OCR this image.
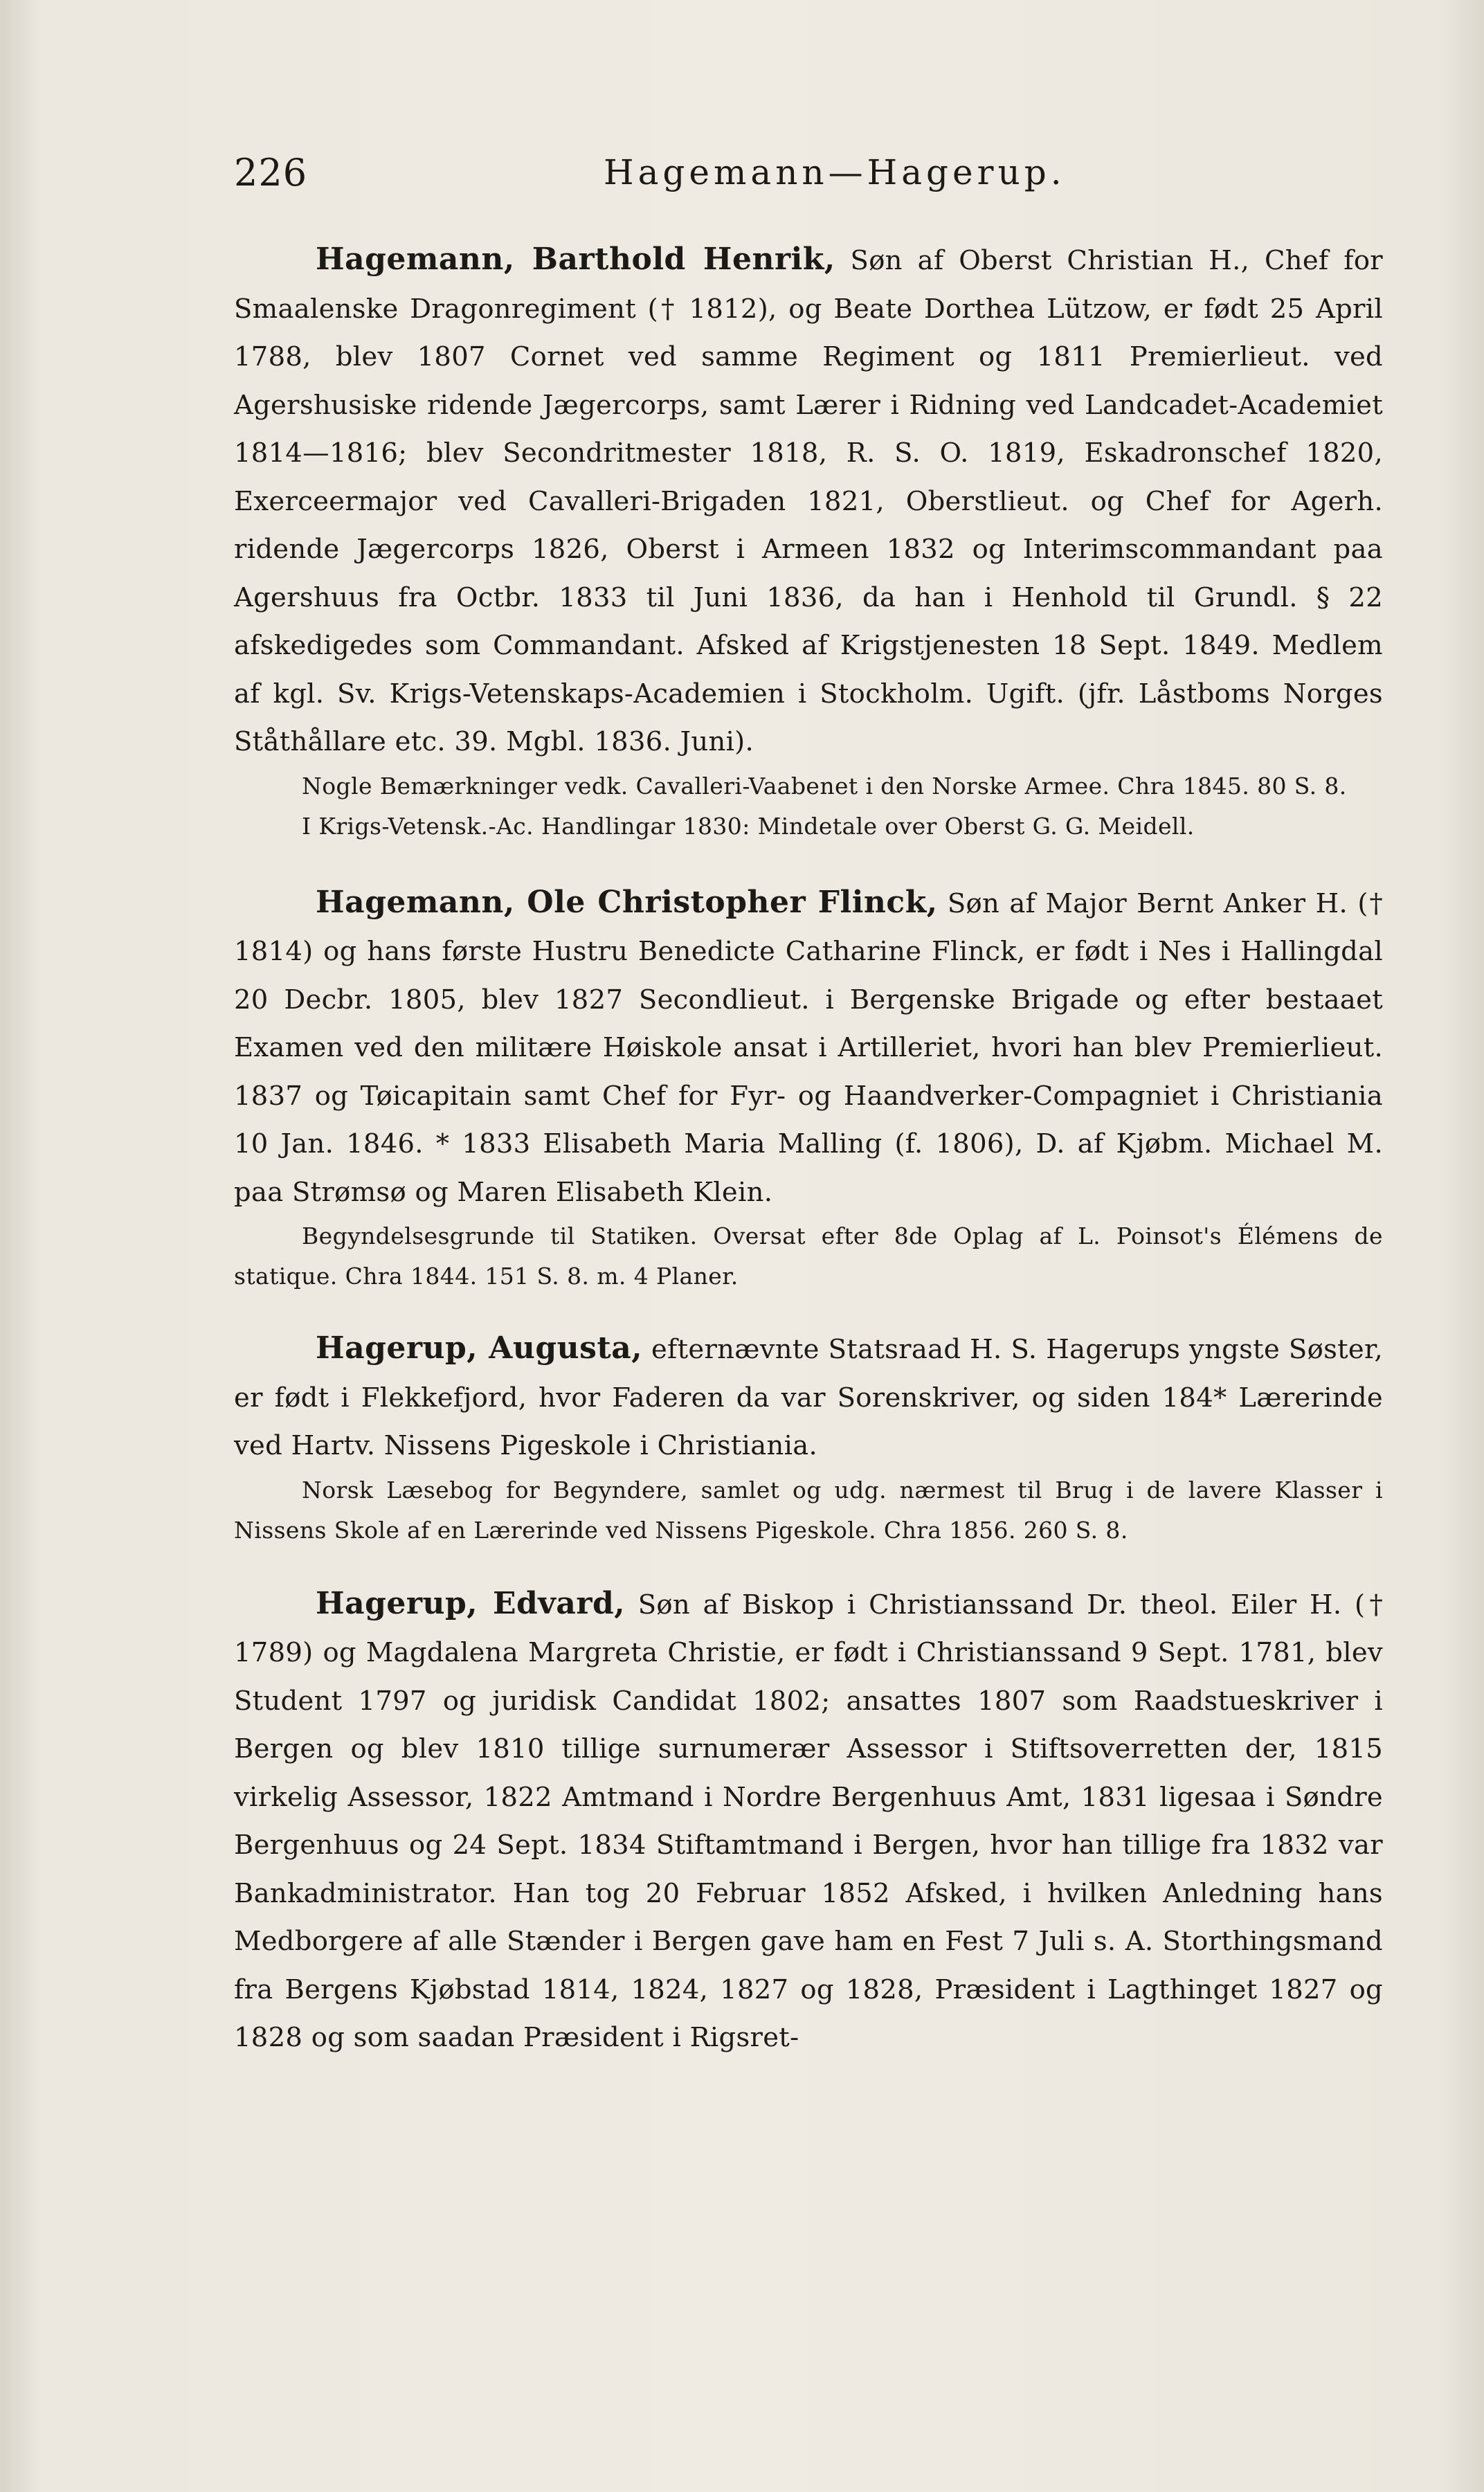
226	Hagemann—Hagerup.

Hagemann, Barthold Henrik, Søn af Oberst Christian H., Chef for Smaalenske Dragonregiment († 1812), og Beate Dorthea Lützow, er født 25 April 1788, blev 1807 Cornet ved samme Regiment og 1811 Premierlieut. ved Agershusiske ridende Jægercorps, samt Lærer i Ridning ved Landcadet-Academiet 1814—1816; blev Secondritmester 1818, R. S. O. 1819, Eskadronschef 1820, Exerceermajor ved Cavalleri-Brigaden 1821, Oberstlieut. og Chef for Agerh. ridende Jægercorps 1826, Oberst i Armeen 1832 og Interimscommandant paa Agershuus fra Octbr. 1833 til Juni 1836, da han i Henhold til Grundl. § 22 afskedigedes som Commandant. Afsked af Krigstjenesten 18 Sept. 1849. Medlem af kgl. Sv. Krigs-Vetenskaps-Academien i Stockholm. Ugift. (jfr. Låstboms Norges Ståthållare etc. 39. Mgbl. 1836. Juni).

Nogle Bemærkninger vedk. Cavalleri-Vaabenet i den Norske Armee. Chra 1845. 80 S. 8.

I Krigs-Vetensk.-Ac. Handlingar 1830: Mindetale over Oberst G. G. Meidell.

Hagemann, Ole Christopher Flinck, Søn af Major Bernt Anker H. († 1814) og hans første Hustru Benedicte Catharine Flinck, er født i Nes i Hallingdal 20 Decbr. 1805, blev 1827 Secondlieut. i Bergenske Brigade og efter bestaaet Examen ved den militære Høiskole ansat i Artilleriet, hvori han blev Premierlieut. 1837 og Tøicapitain samt Chef for Fyr- og Haandverker-Compagniet i Christiania 10 Jan. 1846. * 1833 Elisabeth Maria Malling (f. 1806), D. af Kjøbm. Michael M. paa Strømsø og Maren Elisabeth Klein.

Begyndelsesgrunde til Statiken. Oversat efter 8de Oplag af L. Poinsot's Élémens de statique. Chra 1844. 151 S. 8. m. 4 Planer.

Hagerup, Augusta, efternævnte Statsraad H. S. Hagerups yngste Søster, er født i Flekkefjord, hvor Faderen da var Sorenskriver, og siden 184* Lærerinde ved Hartv. Nissens Pigeskole i Christiania.

Norsk Læsebog for Begyndere, samlet og udg. nærmest til Brug i de lavere Klasser i Nissens Skole af en Lærerinde ved Nissens Pigeskole. Chra 1856. 260 S. 8.

Hagerup, Edvard, Søn af Biskop i Christianssand Dr. theol. Eiler H. († 1789) og Magdalena Margreta Christie, er født i Christianssand 9 Sept. 1781, blev Student 1797 og juridisk Candidat 1802; ansattes 1807 som Raadstueskriver i Bergen og blev 1810 tillige surnumerær Assessor i Stiftsoverretten der, 1815 virkelig Assessor, 1822 Amtmand i Nordre Bergenhuus Amt, 1831 ligesaa i Søndre Bergenhuus og 24 Sept. 1834 Stiftamtmand i Bergen, hvor han tillige fra 1832 var Bankadministrator. Han tog 20 Februar 1852 Afsked, i hvilken Anledning hans Medborgere af alle Stænder i Bergen gave ham en Fest 7 Juli s. A. Storthingsmand fra Bergens Kjøbstad 1814, 1824, 1827 og 1828, Præsident i Lagthinget 1827 og 1828 og som saadan Præsident i Rigsret-
